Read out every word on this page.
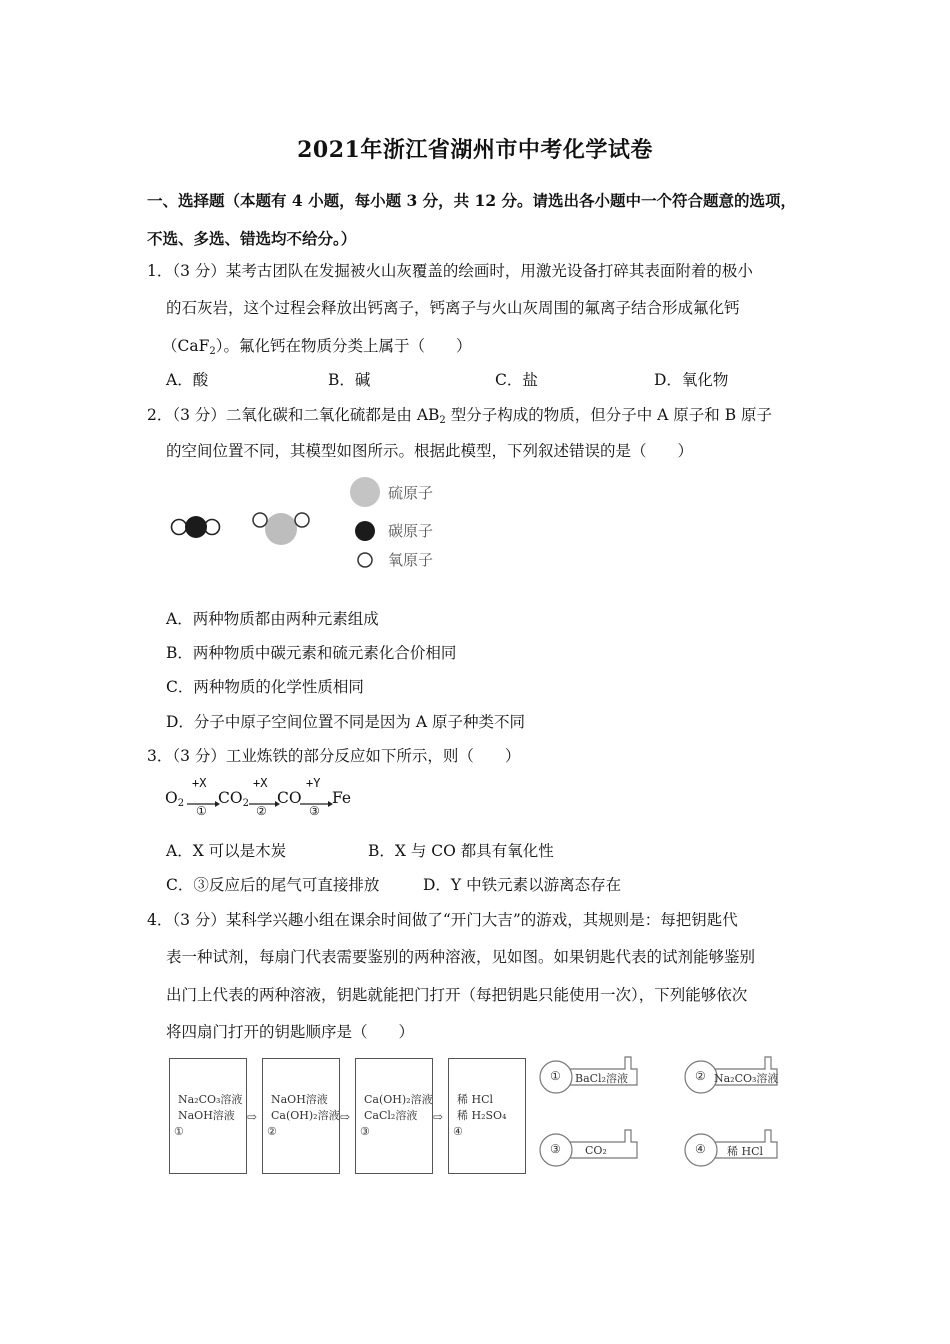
2021年浙江省湖州市中考化学试卷
一、选择题（本题有 4 小题，每小题 3 分，共 12 分。请选出各小题中一个符合题意的选项，
不选、多选、错选均不给分。）
1．（3 分）某考古团队在发掘被火山灰覆盖的绘画时，用激光设备打碎其表面附着的极小
的石灰岩，这个过程会释放出钙离子，钙离子与火山灰周围的氟离子结合形成氟化钙
（CaF$_2$）。氟化钙在物质分类上属于（　　）
A．酸	B．碱	C．盐	D．氧化物
2．（3 分）二氧化碳和二氧化硫都是由 $AB_2$ 型分子构成的物质，但分子中 A 原子和 B 原子
的空间位置不同，其模型如图所示。根据此模型，下列叙述错误的是（　　）
硫原子
碳原子
氧原子
A．两种物质都由两种元素组成
B．两种物质中碳元素和硫元素化合价相同
C．两种物质的化学性质相同
D．分子中原子空间位置不同是因为 A 原子种类不同
3．（3 分）工业炼铁的部分反应如下所示，则（　　）
$O_2$
+X
①
$CO_2$
+X
②
CO
+Y
③
Fe
A．X 可以是木炭	B．X 与 CO 都具有氧化性
C．③反应后的尾气可直接排放	D．Y 中铁元素以游离态存在
4．（3 分）某科学兴趣小组在课余时间做了“开门大吉”的游戏，其规则是：每把钥匙代
表一种试剂，每扇门代表需要鉴别的两种溶液，见如图。如果钥匙代表的试剂能够鉴别
出门上代表的两种溶液，钥匙就能把门打开（每把钥匙只能使用一次），下列能够依次
将四扇门打开的钥匙顺序是（　　）
Na₂CO₃溶液
NaOH溶液
①
⇨
NaOH溶液
Ca(OH)₂溶液
②
⇨
Ca(OH)₂溶液
CaCl₂溶液
③
⇨
稀 HCl
稀 H₂SO₄
④
① BaCl₂溶液	② Na₂CO₃溶液
③ CO₂	④ 稀 HCl
